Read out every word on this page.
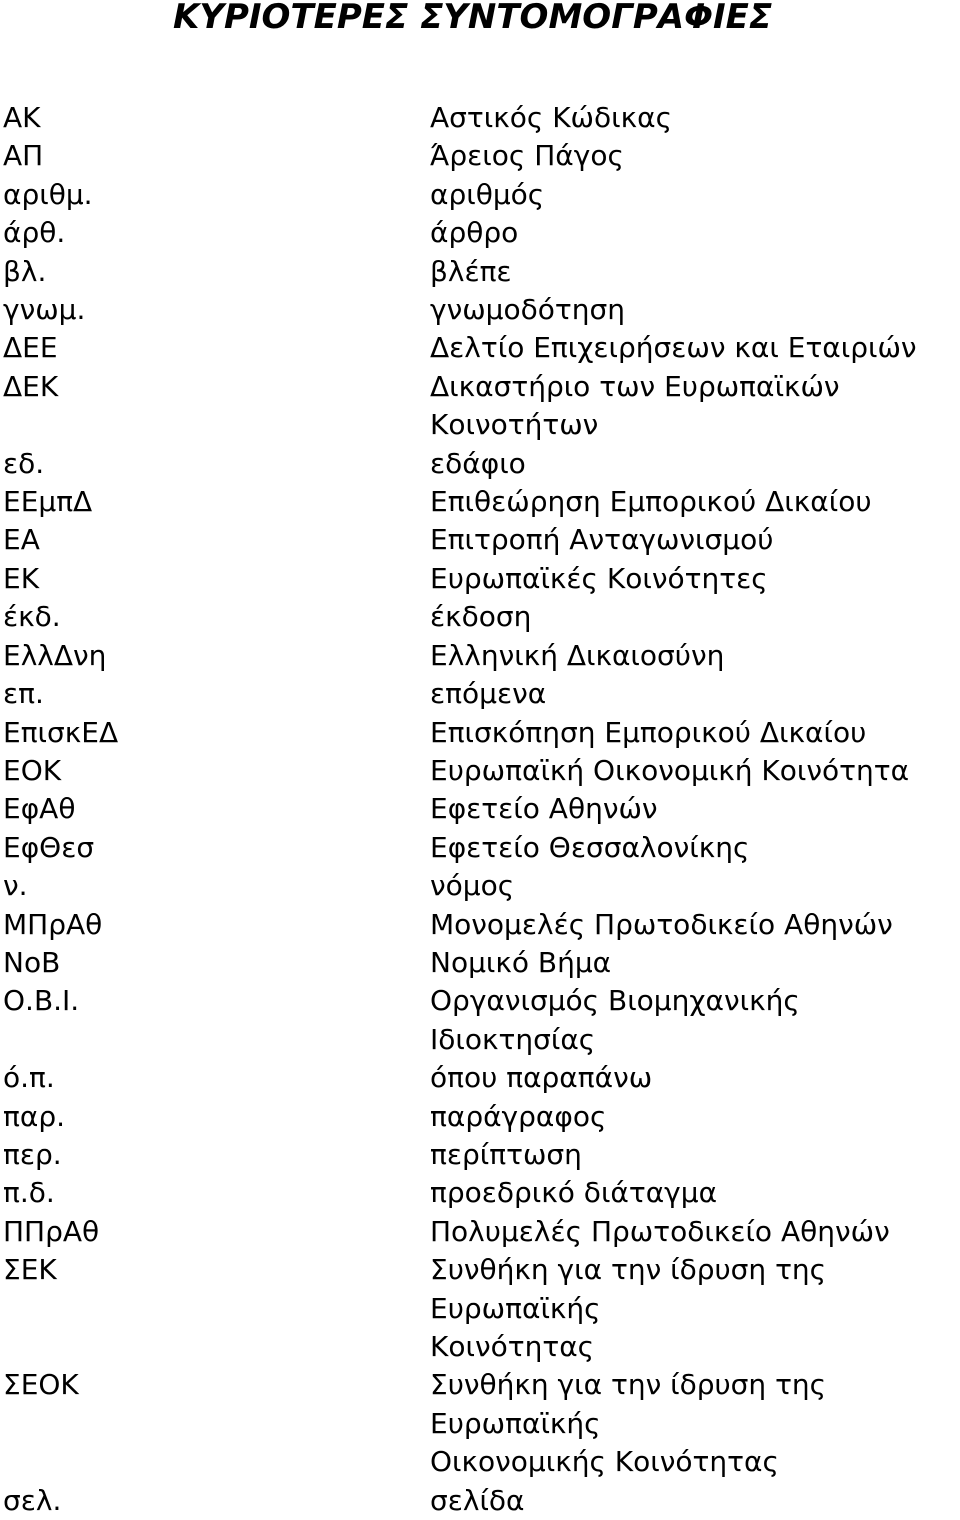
ΚΥΡΙΟΤΕΡΕΣ ΣΥΝΤΟΜΟΓΡΑΦΙΕΣ
ΑΚ	Αστικός Κώδικας
ΑΠ	Άρειος Πάγος
αριθμ.	αριθμός
άρθ.	άρθρο
βλ.	βλέπε
γνωμ.	γνωμοδότηση
ΔΕΕ	Δελτίο Επιχειρήσεων και Εταιριών
ΔΕΚ	Δικαστήριο των Ευρωπαϊκών
Κοινοτήτων
εδ.	εδάφιο
ΕΕμπΔ	Επιθεώρηση Εμπορικού Δικαίου
ΕΑ	Επιτροπή Ανταγωνισμού
ΕΚ	Ευρωπαϊκές Κοινότητες
έκδ.	έκδοση
ΕλλΔνη	Ελληνική Δικαιοσύνη
επ.	επόμενα
ΕπισκΕΔ	Επισκόπηση Εμπορικού Δικαίου
ΕΟΚ	Ευρωπαϊκή Οικονομική Κοινότητα
ΕφΑθ	Εφετείο Αθηνών
ΕφΘεσ	Εφετείο Θεσσαλονίκης
ν.	νόμος
ΜΠρΑθ	Μονομελές Πρωτοδικείο Αθηνών
ΝοΒ	Νομικό Βήμα
Ο.Β.Ι.	Οργανισμός Βιομηχανικής
Ιδιοκτησίας
ό.π.	όπου παραπάνω
παρ.	παράγραφος
περ.	περίπτωση
π.δ.	προεδρικό διάταγμα
ΠΠρΑθ	Πολυμελές Πρωτοδικείο Αθηνών
ΣΕΚ	Συνθήκη για την ίδρυση της
Ευρωπαϊκής
Κοινότητας
ΣΕΟΚ	Συνθήκη για την ίδρυση της
Ευρωπαϊκής
Οικονομικής Κοινότητας
σελ.	σελίδα
